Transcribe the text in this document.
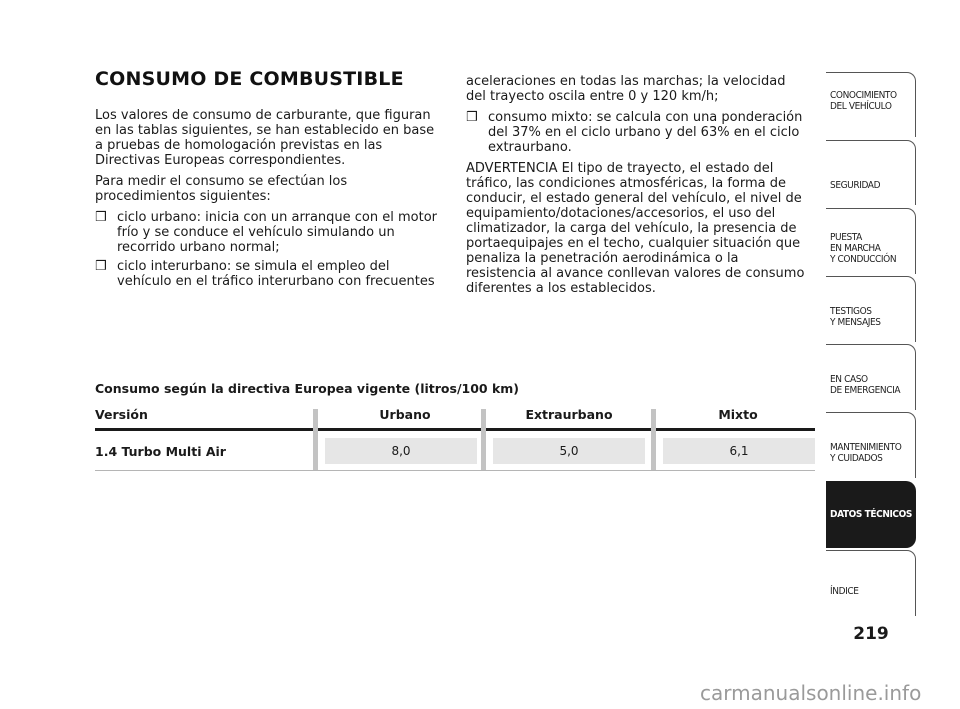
CONSUMO DE COMBUSTIBLE

Los valores de consumo de carburante, que figuran en las tablas siguientes, se han establecido en base a pruebas de homologación previstas en las Directivas Europeas correspondientes.

Para medir el consumo se efectúan los procedimientos siguientes:

❒ ciclo urbano: inicia con un arranque con el motor frío y se conduce el vehículo simulando un recorrido urbano normal;
❒ ciclo interurbano: se simula el empleo del vehículo en el tráfico interurbano con frecuentes

aceleraciones en todas las marchas; la velocidad del trayecto oscila entre 0 y 120 km/h;

❒ consumo mixto: se calcula con una ponderación del 37% en el ciclo urbano y del 63% en el ciclo extraurbano.

ADVERTENCIA El tipo de trayecto, el estado del tráfico, las condiciones atmosféricas, la forma de conducir, el estado general del vehículo, el nivel de equipamiento/dotaciones/accesorios, el uso del climatizador, la carga del vehículo, la presencia de portaequipajes en el techo, cualquier situación que penaliza la penetración aerodinámica o la resistencia al avance conllevan valores de consumo diferentes a los establecidos.

Consumo según la directiva Europea vigente (litros/100 km)
Versión	Urbano	Extraurbano	Mixto
1.4 Turbo Multi Air	8,0	5,0	6,1

CONOCIMIENTO
DEL VEHÍCULO

SEGURIDAD

PUESTA
EN MARCHA
Y CONDUCCIÓN

TESTIGOS
Y MENSAJES

EN CASO
DE EMERGENCIA

MANTENIMIENTO
Y CUIDADOS

DATOS TÉCNICOS

ÍNDICE

219
carmanualsonline.info
